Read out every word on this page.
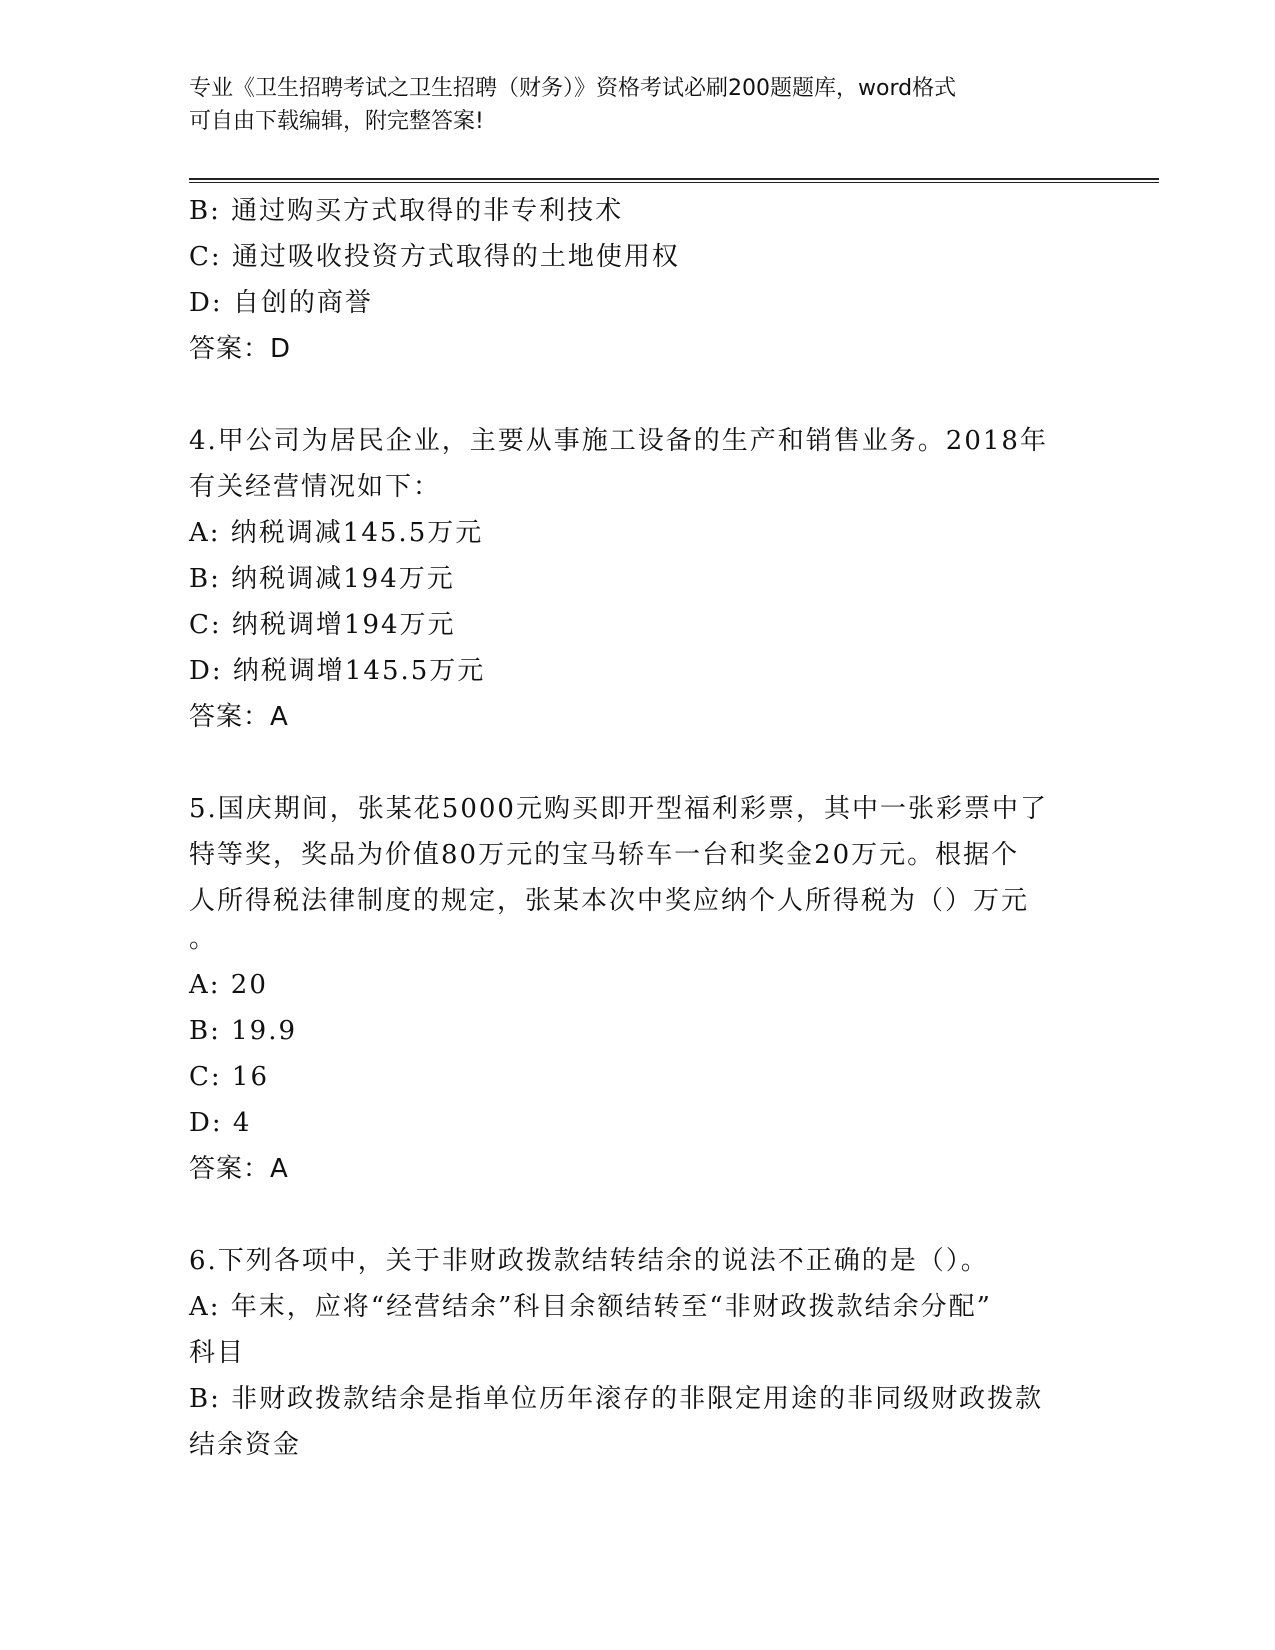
专业《卫生招聘考试之卫生招聘（财务）》资格考试必刷200题题库，word格式
可自由下载编辑，附完整答案!
B: 通过购买方式取得的非专利技术
C: 通过吸收投资方式取得的土地使用权
D: 自创的商誉
答案：D
4.甲公司为居民企业，主要从事施工设备的生产和销售业务。2018年
有关经营情况如下：
A: 纳税调减145.5万元
B: 纳税调减194万元
C: 纳税调增194万元
D: 纳税调增145.5万元
答案：A
5.国庆期间，张某花5000元购买即开型福利彩票，其中一张彩票中了
特等奖，奖品为价值80万元的宝马轿车一台和奖金20万元。根据个
人所得税法律制度的规定，张某本次中奖应纳个人所得税为（）万元
。
A: 20
B: 19.9
C: 16
D: 4
答案：A
6.下列各项中，关于非财政拨款结转结余的说法不正确的是（）。
A: 年末，应将“经营结余”科目余额结转至“非财政拨款结余分配”
科目
B: 非财政拨款结余是指单位历年滚存的非限定用途的非同级财政拨款
结余资金
